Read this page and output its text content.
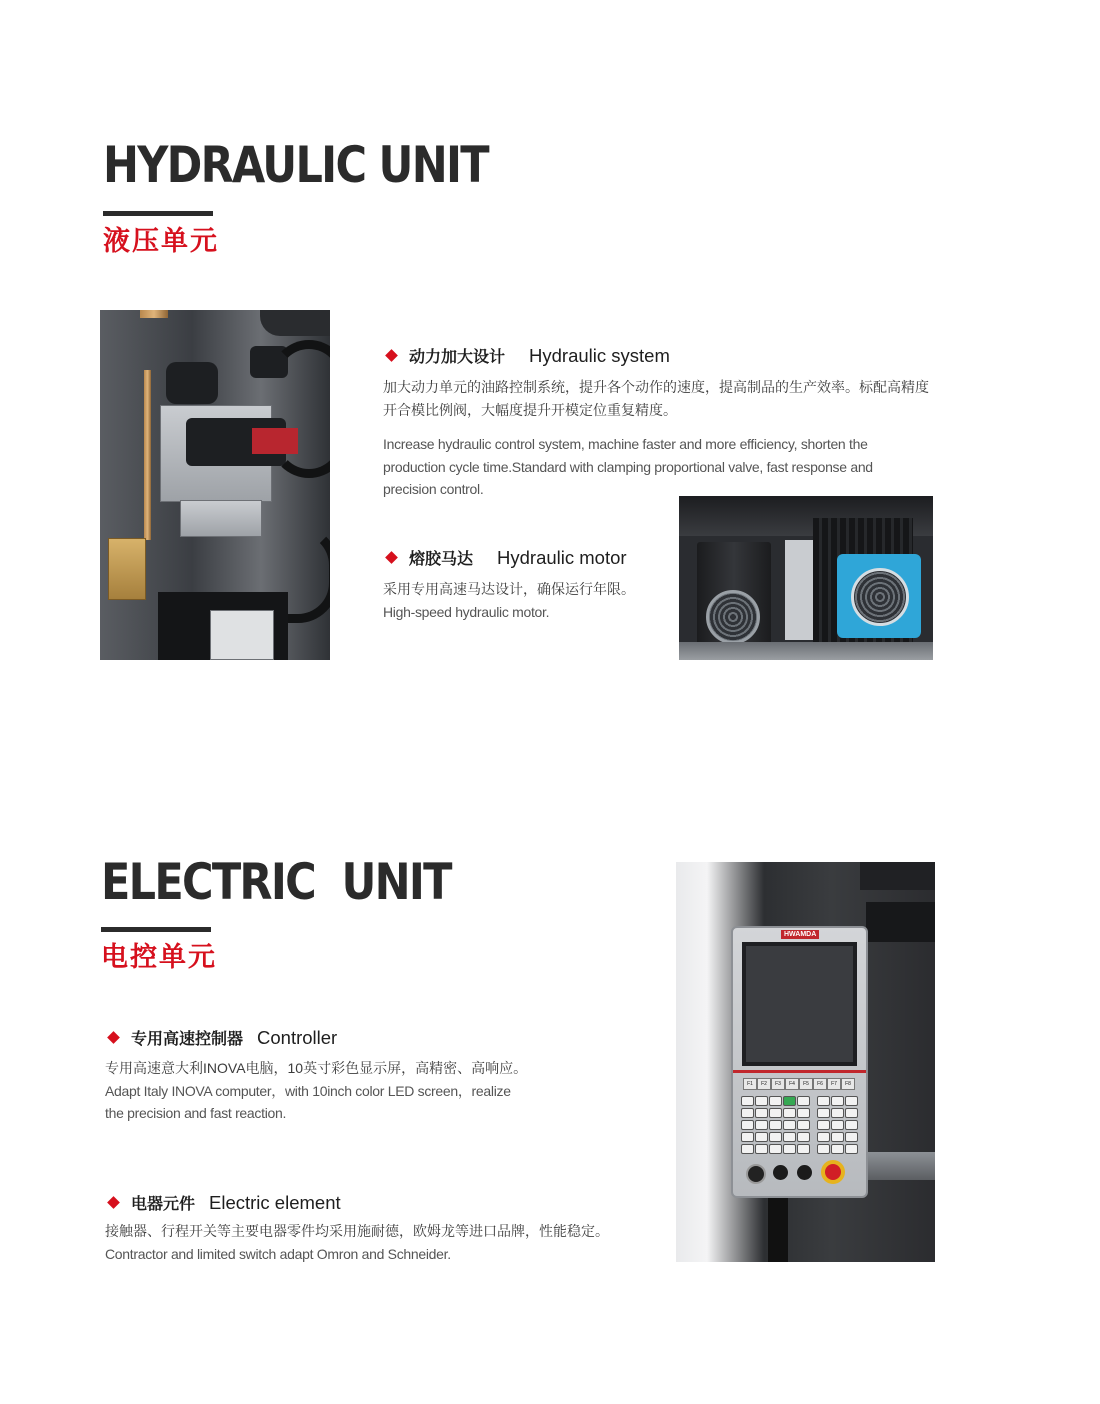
HYDRAULIC UNIT
液压单元
动力加大设计 Hydraulic system

加大动力单元的油路控制系统，提升各个动作的速度，提高制品的生产效率。标配高精度

开合模比例阀，大幅度提升开模定位重复精度。

Increase hydraulic control system, machine faster and more efficiency, shorten the

production cycle time.Standard with clamping proportional valve, fast response and

precision control.

熔胶马达 Hydraulic motor

采用专用高速马达设计，确保运行年限。

High-speed hydraulic motor.

ELECTRIC  UNIT
电控单元
专用高速控制器 Controller

专用高速意大利INOVA电脑，10英寸彩色显示屏，高精密、高响应。

Adapt Italy INOVA computer，with 10inch color LED screen，realize

the precision and fast reaction.

电器元件 Electric element

接触器、行程开关等主要电器零件均采用施耐德，欧姆龙等进口品牌，性能稳定。

Contractor and limited switch adapt Omron and Schneider.

HWAMDA
F1	F2	F3	F4	F5	F6	F7	F8
